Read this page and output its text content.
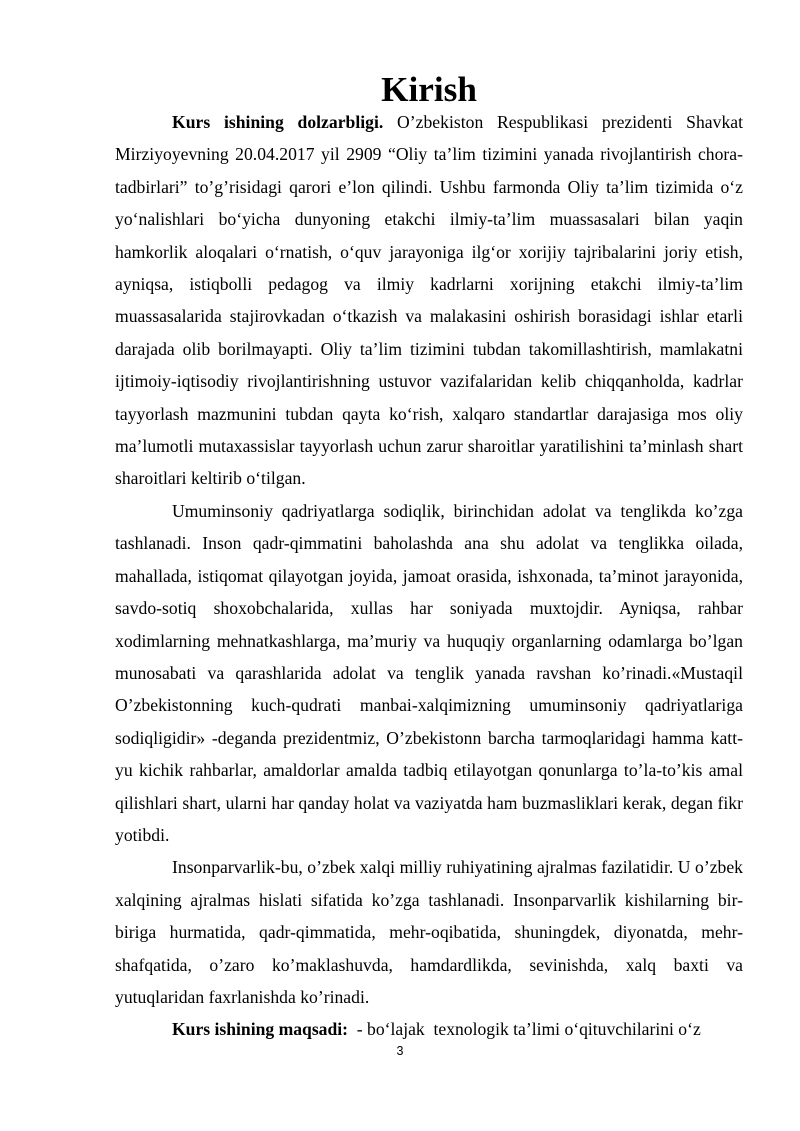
Kirish

Kurs ishining dolzarbligi. O’zbekiston Respublikasi prezidenti Shavkat Mirziyoyevning 20.04.2017 yil 2909 “Oliy ta’lim tizimini yanada rivojlantirish chora-tadbirlari” to’g’risidagi qarori e’lon qilindi. Ushbu farmonda Oliy ta’lim tizimida o‘z yo‘nalishlari bo‘yicha dunyoning etakchi ilmiy-ta’lim muassasalari bilan yaqin hamkorlik aloqalari o‘rnatish, o‘quv jarayoniga ilg‘or xorijiy tajribalarini joriy etish, ayniqsa, istiqbolli pedagog va ilmiy kadrlarni xorijning etakchi ilmiy-ta’lim muassasalarida stajirovkadan o‘tkazish va malakasini oshirish borasidagi ishlar etarli darajada olib borilmayapti. Oliy ta’lim tizimini tubdan takomillashtirish, mamlakatni ijtimoiy-iqtisodiy rivojlantirishning ustuvor vazifalaridan kelib chiqqanholda, kadrlar tayyorlash mazmunini tubdan qayta ko‘rish, xalqaro standartlar darajasiga mos oliy ma’lumotli mutaxassislar tayyorlash uchun zarur sharoitlar yaratilishini ta’minlash shart sharoitlari keltirib o‘tilgan.

Umuminsoniy qadriyatlarga sodiqlik, birinchidan adolat va tenglikda ko’zga tashlanadi. Inson qadr-qimmatini baholashda ana shu adolat va tenglikka oilada, mahallada, istiqomat qilayotgan joyida, jamoat orasida, ishxonada, ta’minot jarayonida, savdo-sotiq shoxobchalarida, xullas har soniyada muxtojdir. Ayniqsa, rahbar xodimlarning mehnatkashlarga, ma’muriy va huquqiy organlarning odamlarga bo’lgan munosabati va qarashlarida adolat va tenglik yanada ravshan ko’rinadi.«Mustaqil O’zbekistonning kuch-qudrati manbai-xalqimizning umuminsoniy qadriyatlariga sodiqligidir» -deganda prezidentmiz, O’zbekistonn barcha tarmoqlaridagi hamma katt-yu kichik rahbarlar, amaldorlar amalda tadbiq etilayotgan qonunlarga to’la-to’kis amal qilishlari shart, ularni har qanday holat va vaziyatda ham buzmasliklari kerak, degan fikr yotibdi.

Insonparvarlik-bu, o’zbek xalqi milliy ruhiyatining ajralmas fazilatidir. U o’zbek xalqining ajralmas hislati sifatida ko’zga tashlanadi. Insonparvarlik kishilarning bir-biriga hurmatida, qadr-qimmatida, mehr-oqibatida, shuningdek, diyonatda, mehr-shafqatida, o’zaro ko’maklashuvda, hamdardlikda, sevinishda, xalq baxti va yutuqlaridan faxrlanishda ko’rinadi.

Kurs ishining maqsadi:  - bo‘lajak  texnologik ta’limi o‘qituvchilarini o‘z

3
